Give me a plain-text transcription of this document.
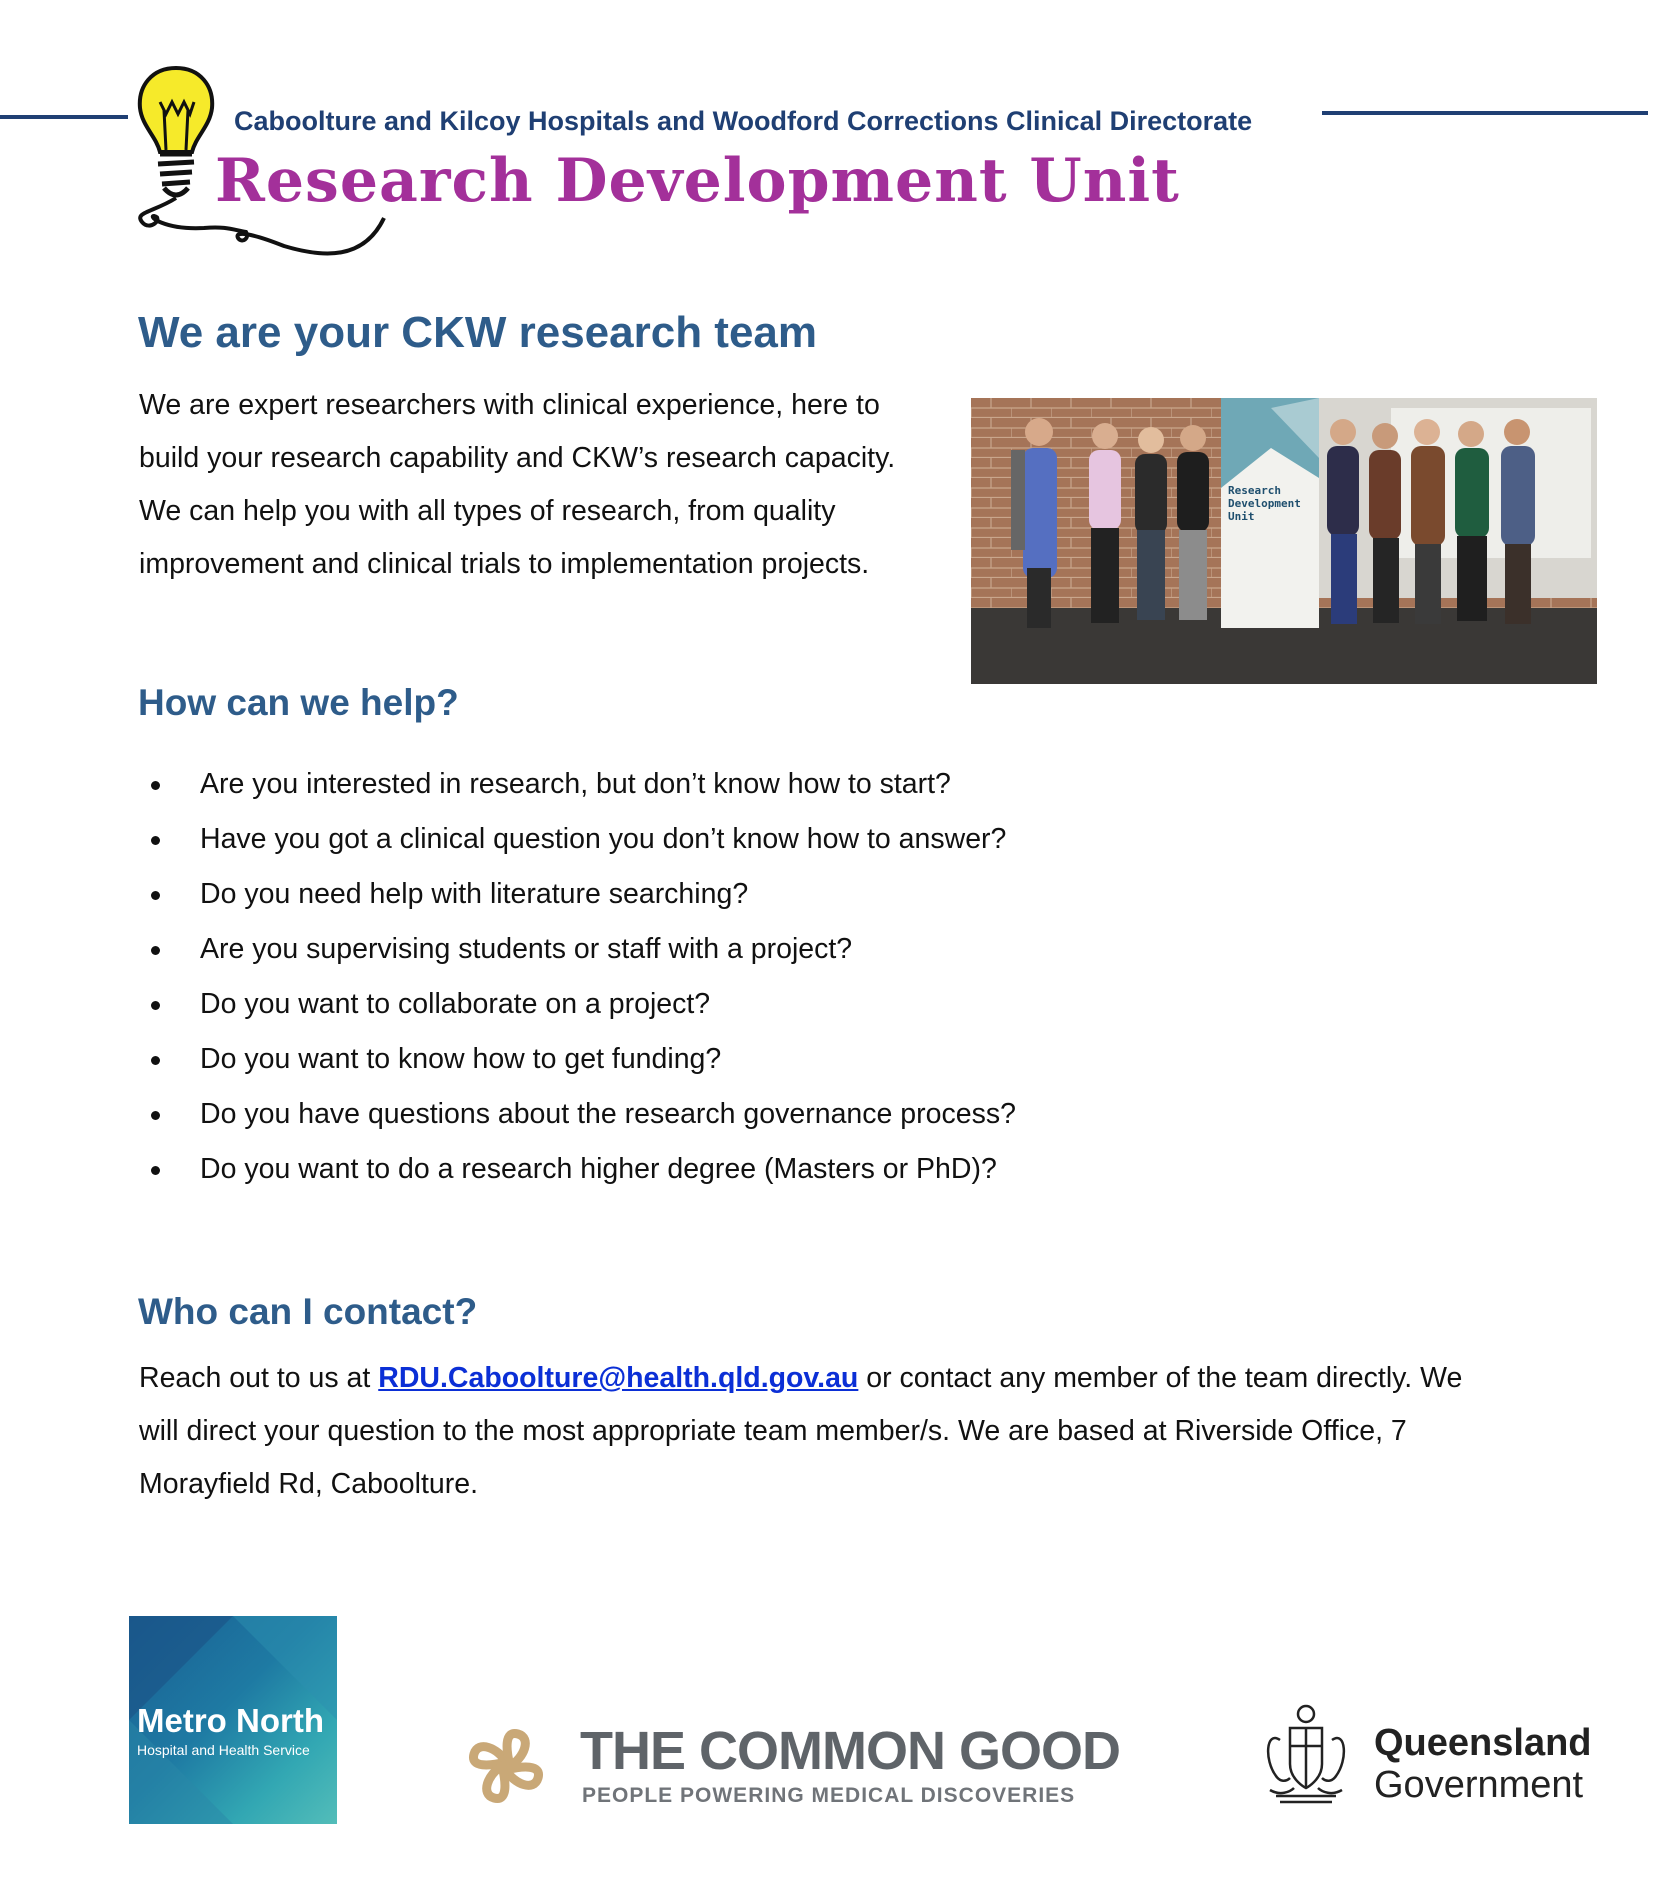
Caboolture and Kilcoy Hospitals and Woodford Corrections Clinical Directorate
Research Development Unit
We are your CKW research team
We are expert researchers with clinical experience, here to build your research capability and CKW’s research capacity. We can help you with all types of research, from quality improvement and clinical trials to implementation projects.
Research
Development
Unit
How can we help?
Are you interested in research, but don’t know how to start?
Have you got a clinical question you don’t know how to answer?
Do you need help with literature searching?
Are you supervising students or staff with a project?
Do you want to collaborate on a project?
Do you want to know how to get funding?
Do you have questions about the research governance process?
Do you want to do a research higher degree (Masters or PhD)?
Who can I contact?
Reach out to us at RDU.Caboolture@health.qld.gov.au or contact any member of the team directly. We will direct your question to the most appropriate team member/s. We are based at Riverside Office, 7 Morayfield Rd, Caboolture.
Metro North
Hospital and Health Service	THE COMMON GOOD
PEOPLE POWERING MEDICAL DISCOVERIES
Queensland
Government
